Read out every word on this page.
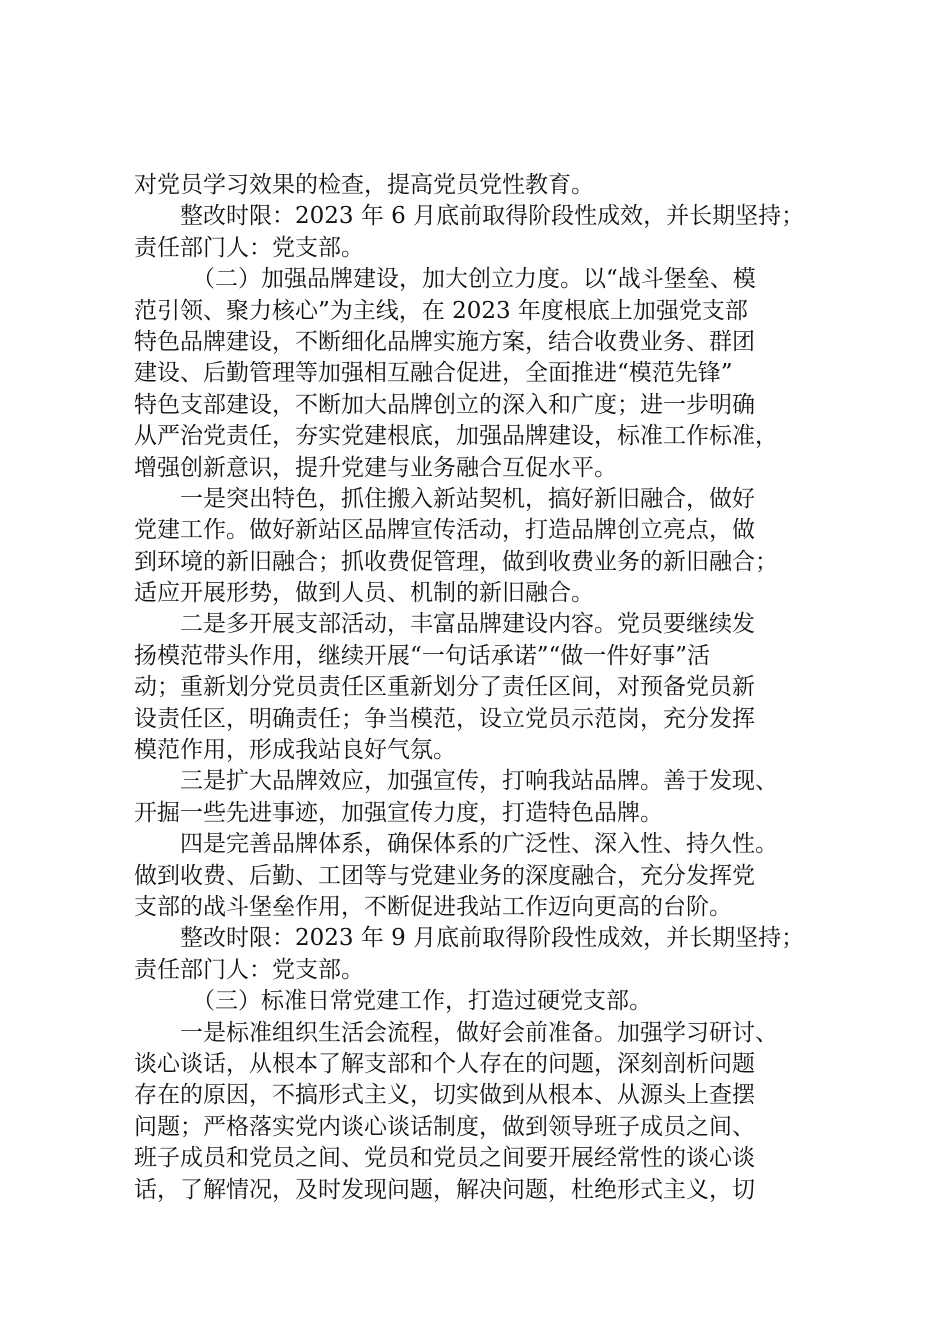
对党员学习效果的检查，提高党员党性教育。
整改时限：2023 年 6 月底前取得阶段性成效，并长期坚持；
责任部门人：党支部。
（二）加强品牌建设，加大创立力度。以“战斗堡垒、模
范引领、聚力核心”为主线，在 2023 年度根底上加强党支部
特色品牌建设，不断细化品牌实施方案，结合收费业务、群团
建设、后勤管理等加强相互融合促进，全面推进“模范先锋”
特色支部建设，不断加大品牌创立的深入和广度；进一步明确
从严治党责任，夯实党建根底，加强品牌建设，标准工作标准，
增强创新意识，提升党建与业务融合互促水平。
一是突出特色，抓住搬入新站契机，搞好新旧融合，做好
党建工作。做好新站区品牌宣传活动，打造品牌创立亮点，做
到环境的新旧融合；抓收费促管理，做到收费业务的新旧融合；
适应开展形势，做到人员、机制的新旧融合。
二是多开展支部活动，丰富品牌建设内容。党员要继续发
扬模范带头作用，继续开展“一句话承诺”“做一件好事”活
动；重新划分党员责任区重新划分了责任区间，对预备党员新
设责任区，明确责任；争当模范，设立党员示范岗，充分发挥
模范作用，形成我站良好气氛。
三是扩大品牌效应，加强宣传，打响我站品牌。善于发现、
开掘一些先进事迹，加强宣传力度，打造特色品牌。
四是完善品牌体系，确保体系的广泛性、深入性、持久性。
做到收费、后勤、工团等与党建业务的深度融合，充分发挥党
支部的战斗堡垒作用，不断促进我站工作迈向更高的台阶。
整改时限：2023 年 9 月底前取得阶段性成效，并长期坚持；
责任部门人：党支部。
（三）标准日常党建工作，打造过硬党支部。
一是标准组织生活会流程，做好会前准备。加强学习研讨、
谈心谈话，从根本了解支部和个人存在的问题，深刻剖析问题
存在的原因，不搞形式主义，切实做到从根本、从源头上查摆
问题；严格落实党内谈心谈话制度，做到领导班子成员之间、
班子成员和党员之间、党员和党员之间要开展经常性的谈心谈
话，了解情况，及时发现问题，解决问题，杜绝形式主义，切
